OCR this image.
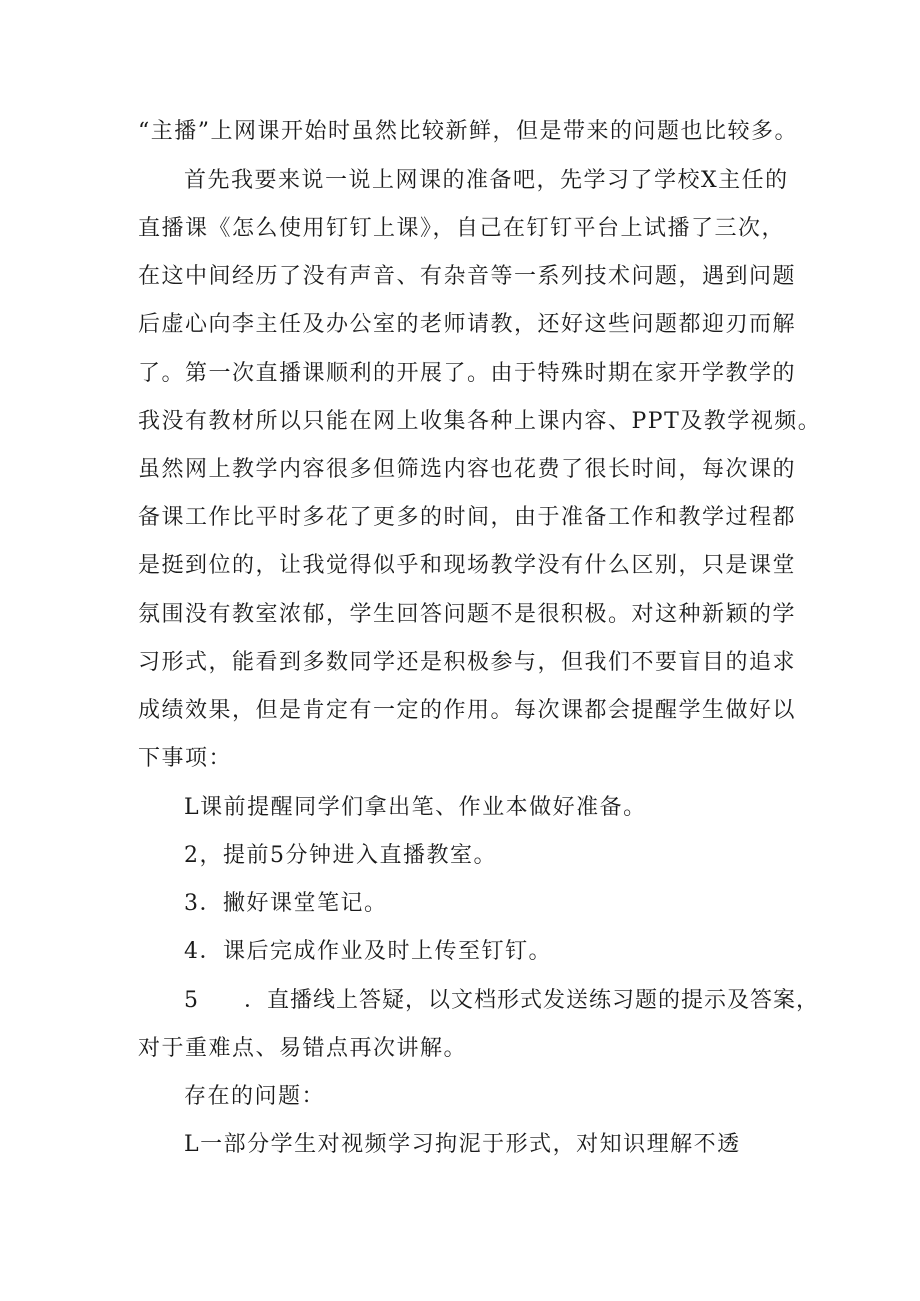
“主播”上网课开始时虽然比较新鲜，但是带来的问题也比较多。
首先我要来说一说上网课的准备吧，先学习了学校X主任的
直播课《怎么使用钉钉上课》，自己在钉钉平台上试播了三次，
在这中间经历了没有声音、有杂音等一系列技术问题，遇到问题
后虚心向李主任及办公室的老师请教，还好这些问题都迎刃而解
了。第一次直播课顺利的开展了。由于特殊时期在家开学教学的
我没有教材所以只能在网上收集各种上课内容、PPT及教学视频。
虽然网上教学内容很多但筛选内容也花费了很长时间，每次课的
备课工作比平时多花了更多的时间，由于准备工作和教学过程都
是挺到位的，让我觉得似乎和现场教学没有什么区别，只是课堂
氛围没有教室浓郁，学生回答问题不是很积极。对这种新颖的学
习形式，能看到多数同学还是积极参与，但我们不要盲目的追求
成绩效果，但是肯定有一定的作用。每次课都会提醒学生做好以
下事项：
L课前提醒同学们拿出笔、作业本做好准备。
2，提前5分钟进入直播教室。
3．撇好课堂笔记。
4．课后完成作业及时上传至钉钉。
5 ．直播线上答疑，以文档形式发送练习题的提示及答案，
对于重难点、易错点再次讲解。
存在的问题：
L一部分学生对视频学习拘泥于形式，对知识理解不透
